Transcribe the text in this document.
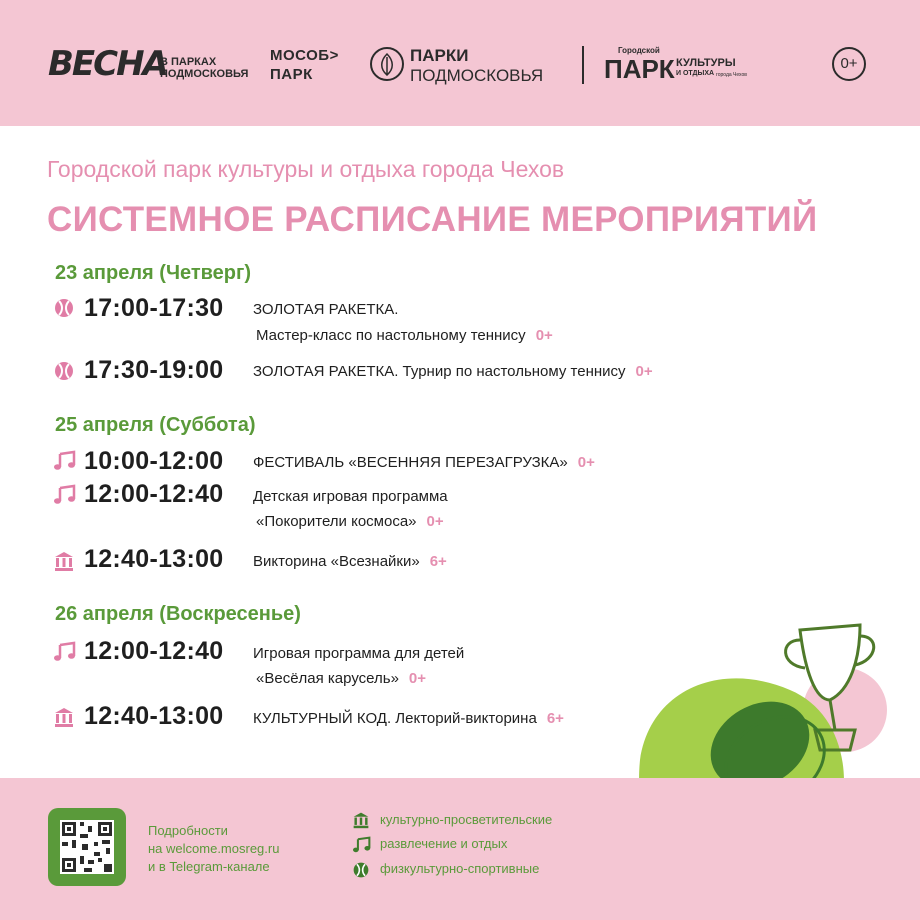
ВЕСНА
В ПАРКАХ
ПОДМОСКОВЬЯ
МОСОБ>
ПАРК
ПАРКИ
ПОДМОСКОВЬЯ
Городской
ПАРК КУЛЬТУРЫ
И ОТДЫХА города Чехов
0+
Городской парк культуры и отдыха города Чехов
СИСТЕМНОЕ РАСПИСАНИЕ МЕРОПРИЯТИЙ
23 апреля (Четверг)
17:00-17:30 ЗОЛОТАЯ РАКЕТКА.
Мастер-класс по настольному теннису 0+
17:30-19:00 ЗОЛОТАЯ РАКЕТКА. Турнир по настольному теннису 0+
25 апреля (Суббота)
10:00-12:00 ФЕСТИВАЛЬ «ВЕСЕННЯЯ ПЕРЕЗАГРУЗКА» 0+
12:00-12:40 Детская игровая программа
«Покорители космоса» 0+
12:40-13:00 Викторина «Всезнайки» 6+
26 апреля (Воскресенье)
12:00-12:40 Игровая программа для детей
«Весёлая карусель» 0+
12:40-13:00 КУЛЬТУРНЫЙ КОД. Лекторий-викторина 6+
Подробности
на welcome.mosreg.ru
и в Telegram-канале
культурно-просветительские
развлечение и отдых
физкультурно-спортивные
